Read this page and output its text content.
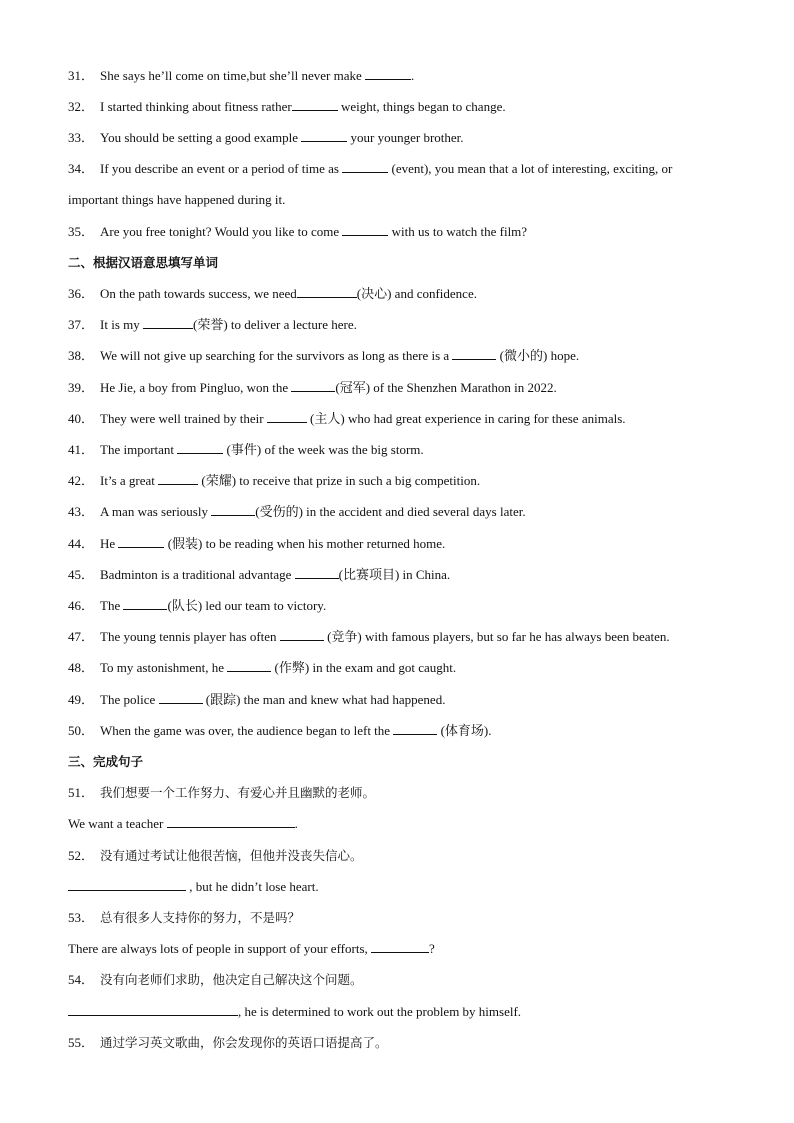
31． She says he’ll come on time,but she’ll never make	.
32． I started thinking about fitness rather	weight, things began to change.
33． You should be setting a good example	your younger brother.
34． If you describe an event or a period of time as	(event), you mean that a lot of interesting, exciting, or
important things have happened during it.
35． Are you free tonight? Would you like to come	with us to watch the film?
二、根据汉语意思填写单词
36． On the path towards success, we need	(决心) and confidence.
37． It is my	(荣誉) to deliver a lecture here.
38． We will not give up searching for the survivors as long as there is a	(微小的) hope.
39． He Jie, a boy from Pingluo, won the	(冠军) of the Shenzhen Marathon in 2022.
40． They were well trained by their	(主人) who had great experience in caring for these animals.
41． The important	(事件) of the week was the big storm.
42． It’s a great	(荣耀) to receive that prize in such a big competition.
43． A man was seriously	(受伤的) in the accident and died several days later.
44． He	(假装) to be reading when his mother returned home.
45． Badminton is a traditional advantage	(比赛项目) in China.
46． The	(队长) led our team to victory.
47． The young tennis player has often	(竞争) with famous players, but so far he has always been beaten.
48． To my astonishment, he	(作弊) in the exam and got caught.
49． The police	(跟踪) the man and knew what had happened.
50． When the game was over, the audience began to left the	(体育场).
三、完成句子
51． 我们想要一个工作努力、有爱心并且幽默的老师。
We want a teacher	.
52． 没有通过考试让他很苦恼，但他并没丧失信心。
, but he didn’t lose heart.
53． 总有很多人支持你的努力，不是吗？
There are always lots of people in support of your efforts,	?
54． 没有向老师们求助，他决定自己解决这个问题。
, he is determined to work out the problem by himself.
55． 通过学习英文歌曲，你会发现你的英语口语提高了。
